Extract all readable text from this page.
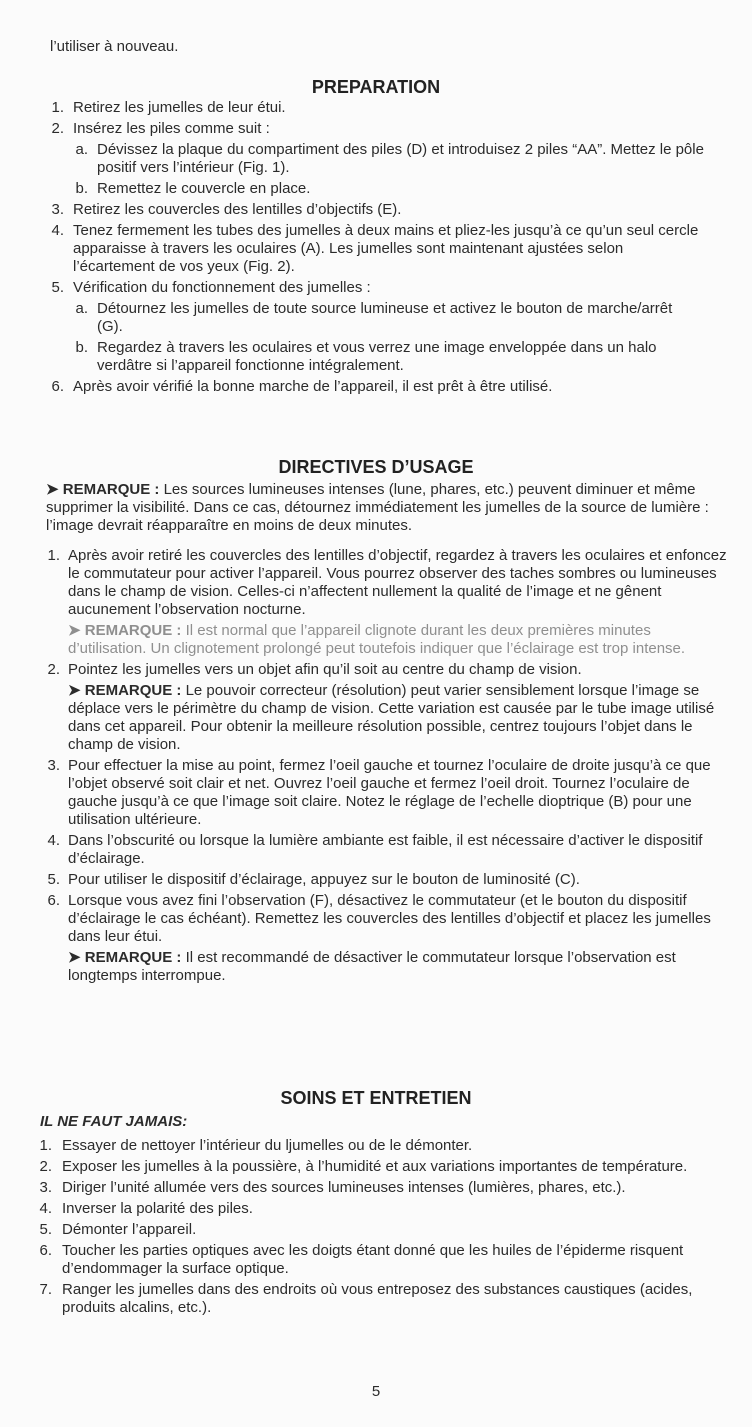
l’utiliser à nouveau.
PREPARATION
1. Retirez les jumelles de leur étui.
2. Insérez les piles comme suit :
a. Dévissez la plaque du compartiment des piles (D) et introduisez 2 piles “AA”. Mettez le pôle positif vers l’intérieur (Fig. 1).
b. Remettez le couvercle en place.
3. Retirez les couvercles des lentilles d’objectifs (E).
4. Tenez fermement les tubes des jumelles à deux mains et pliez-les jusqu’à ce qu’un seul cercle apparaisse à travers les oculaires (A). Les jumelles sont maintenant ajustées selon l’écartement de vos yeux (Fig. 2).
5. Vérification du fonctionnement des jumelles :
a. Détournez les jumelles de toute source lumineuse et activez le bouton de marche/arrêt (G).
b. Regardez à travers les oculaires et vous verrez une image enveloppée dans un halo verdâtre si l’appareil fonctionne intégralement.
6. Après avoir vérifié la bonne marche de l’appareil, il est prêt à être utilisé.
DIRECTIVES D’USAGE
➤ REMARQUE : Les sources lumineuses intenses (lune, phares, etc.) peuvent diminuer et même supprimer la visibilité. Dans ce cas, détournez immédiatement les jumelles de la source de lumière : l’image devrait réapparaître en moins de deux minutes.
1. Après avoir retiré les couvercles des lentilles d’objectif, regardez à travers les oculaires et enfoncez le commutateur pour activer l’appareil. Vous pourrez observer des taches sombres ou lumineuses dans le champ de vision. Celles-ci n’affectent nullement la qualité de l’image et ne gênent aucunement l’observation nocturne.
➤ REMARQUE : Il est normal que l’appareil clignote durant les deux premières minutes d’utilisation. Un clignotement prolongé peut toutefois indiquer que l’éclairage est trop intense.
2. Pointez les jumelles vers un objet afin qu’il soit au centre du champ de vision.
➤ REMARQUE : Le pouvoir correcteur (résolution) peut varier sensiblement lorsque l’image se déplace vers le périmètre du champ de vision. Cette variation est causée par le tube image utilisé dans cet appareil. Pour obtenir la meilleure résolution possible, centrez toujours l’objet dans le champ de vision.
3. Pour effectuer la mise au point, fermez l’oeil gauche et tournez l’oculaire de droite jusqu’à ce que l’objet observé soit clair et net. Ouvrez l’oeil gauche et fermez l’oeil droit. Tournez l’oculaire de gauche jusqu’à ce que l’image soit claire. Notez le réglage de l’echelle dioptrique (B) pour une utilisation ultérieure.
4. Dans l’obscurité ou lorsque la lumière ambiante est faible, il est nécessaire d’activer le dispositif d’éclairage.
5. Pour utiliser le dispositif d’éclairage, appuyez sur le bouton de luminosité (C).
6. Lorsque vous avez fini l’observation (F), désactivez le commutateur (et le bouton du dispositif d’éclairage le cas échéant). Remettez les couvercles des lentilles d’objectif et placez les jumelles dans leur étui.
➤ REMARQUE : Il est recommandé de désactiver le commutateur lorsque l’observation est longtemps interrompue.
SOINS ET ENTRETIEN
IL NE FAUT JAMAIS:
1. Essayer de nettoyer l’intérieur du ljumelles ou de le démonter.
2. Exposer les jumelles à la poussière, à l’humidité et aux variations importantes de température.
3. Diriger l’unité allumée vers des sources lumineuses intenses (lumières, phares, etc.).
4. Inverser la polarité des piles.
5. Démonter l’appareil.
6. Toucher les parties optiques avec les doigts étant donné que les huiles de l’épiderme risquent d’endommager la surface optique.
7. Ranger les jumelles dans des endroits où vous entreposez des substances caustiques (acides, produits alcalins, etc.).
5
